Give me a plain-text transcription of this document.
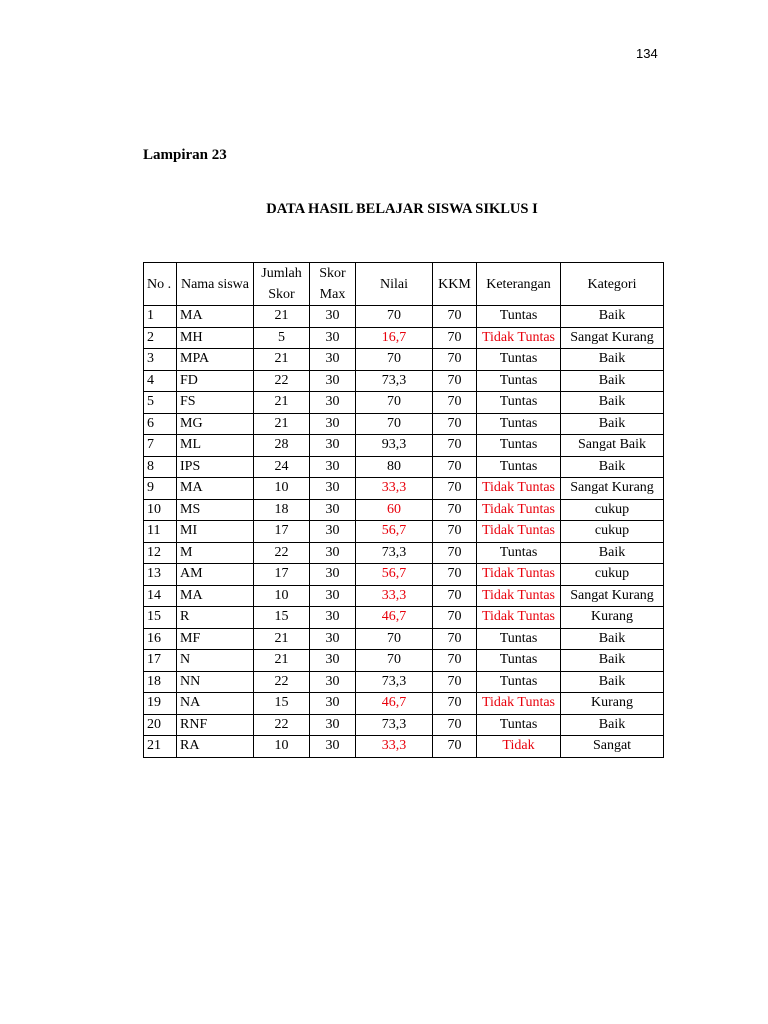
134
Lampiran 23
DATA HASIL BELAJAR SISWA SIKLUS I
No .	Nama siswa	Jumlah Skor	Skor Max	Nilai	KKM	Keterangan	Kategori
1	MA	21	30	70	70	Tuntas	Baik
2	MH	5	30	16,7	70	Tidak Tuntas	Sangat Kurang
3	MPA	21	30	70	70	Tuntas	Baik
4	FD	22	30	73,3	70	Tuntas	Baik
5	FS	21	30	70	70	Tuntas	Baik
6	MG	21	30	70	70	Tuntas	Baik
7	ML	28	30	93,3	70	Tuntas	Sangat Baik
8	IPS	24	30	80	70	Tuntas	Baik
9	MA	10	30	33,3	70	Tidak Tuntas	Sangat Kurang
10	MS	18	30	60	70	Tidak Tuntas	cukup
11	MI	17	30	56,7	70	Tidak Tuntas	cukup
12	M	22	30	73,3	70	Tuntas	Baik
13	AM	17	30	56,7	70	Tidak Tuntas	cukup
14	MA	10	30	33,3	70	Tidak Tuntas	Sangat Kurang
15	R	15	30	46,7	70	Tidak Tuntas	Kurang
16	MF	21	30	70	70	Tuntas	Baik
17	N	21	30	70	70	Tuntas	Baik
18	NN	22	30	73,3	70	Tuntas	Baik
19	NA	15	30	46,7	70	Tidak Tuntas	Kurang
20	RNF	22	30	73,3	70	Tuntas	Baik
21	RA	10	30	33,3	70	Tidak	Sangat
